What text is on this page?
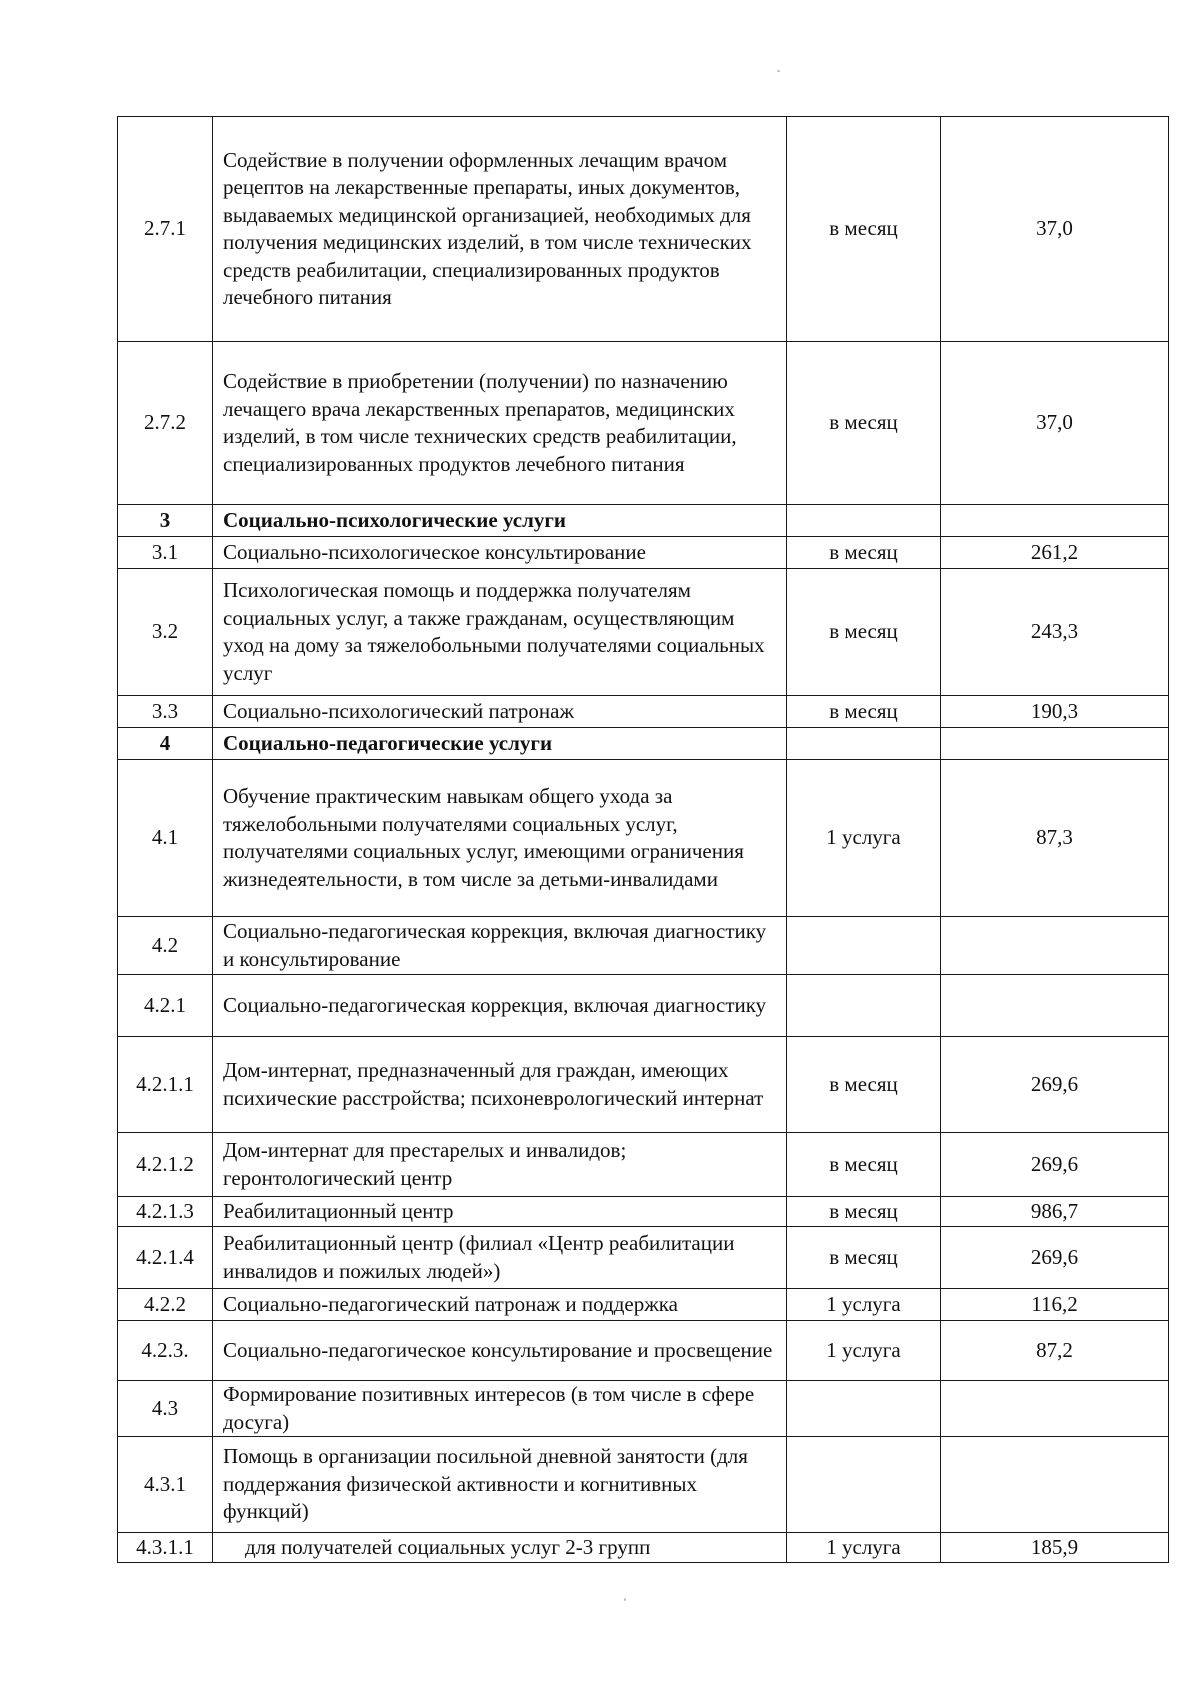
2.7.1	Содействие в получении оформленных лечащим врачом рецептов на лекарственные препараты, иных документов, выдаваемых медицинской организацией, необходимых для получения медицинских изделий, в том числе технических средств реабилитации, специализированных продуктов лечебного питания	в месяц	37,0
2.7.2	Содействие в приобретении (получении) по назначению лечащего врача лекарственных препаратов, медицинских изделий, в том числе технических средств реабилитации, специализированных продуктов лечебного питания	в месяц	37,0
3	Социально-психологические услуги		
3.1	Социально-психологическое консультирование	в месяц	261,2
3.2	Психологическая помощь и поддержка получателям социальных услуг, а также гражданам, осуществляющим уход на дому за тяжелобольными получателями социальных услуг	в месяц	243,3
3.3	Социально-психологический патронаж	в месяц	190,3
4	Социально-педагогические услуги		
4.1	Обучение практическим навыкам общего ухода за тяжелобольными получателями социальных услуг, получателями социальных услуг, имеющими ограничения жизнедеятельности, в том числе за детьми-инвалидами	1 услуга	87,3
4.2	Социально-педагогическая коррекция, включая диагностику и консультирование		
4.2.1	Социально-педагогическая коррекция, включая диагностику		
4.2.1.1	Дом-интернат, предназначенный для граждан, имеющих психические расстройства; психоневрологический интернат	в месяц	269,6
4.2.1.2	Дом-интернат для престарелых и инвалидов; геронтологический центр	в месяц	269,6
4.2.1.3	Реабилитационный центр	в месяц	986,7
4.2.1.4	Реабилитационный центр (филиал «Центр реабилитации инвалидов и пожилых людей»)	в месяц	269,6
4.2.2	Социально-педагогический патронаж и поддержка	1 услуга	116,2
4.2.3.	Социально-педагогическое консультирование и просвещение	1 услуга	87,2
4.3	Формирование позитивных интересов (в том числе в сфере досуга)		
4.3.1	Помощь в организации посильной дневной занятости (для поддержания физической активности и когнитивных функций)		
4.3.1.1	для получателей социальных услуг 2-3 групп	1 услуга	185,9
